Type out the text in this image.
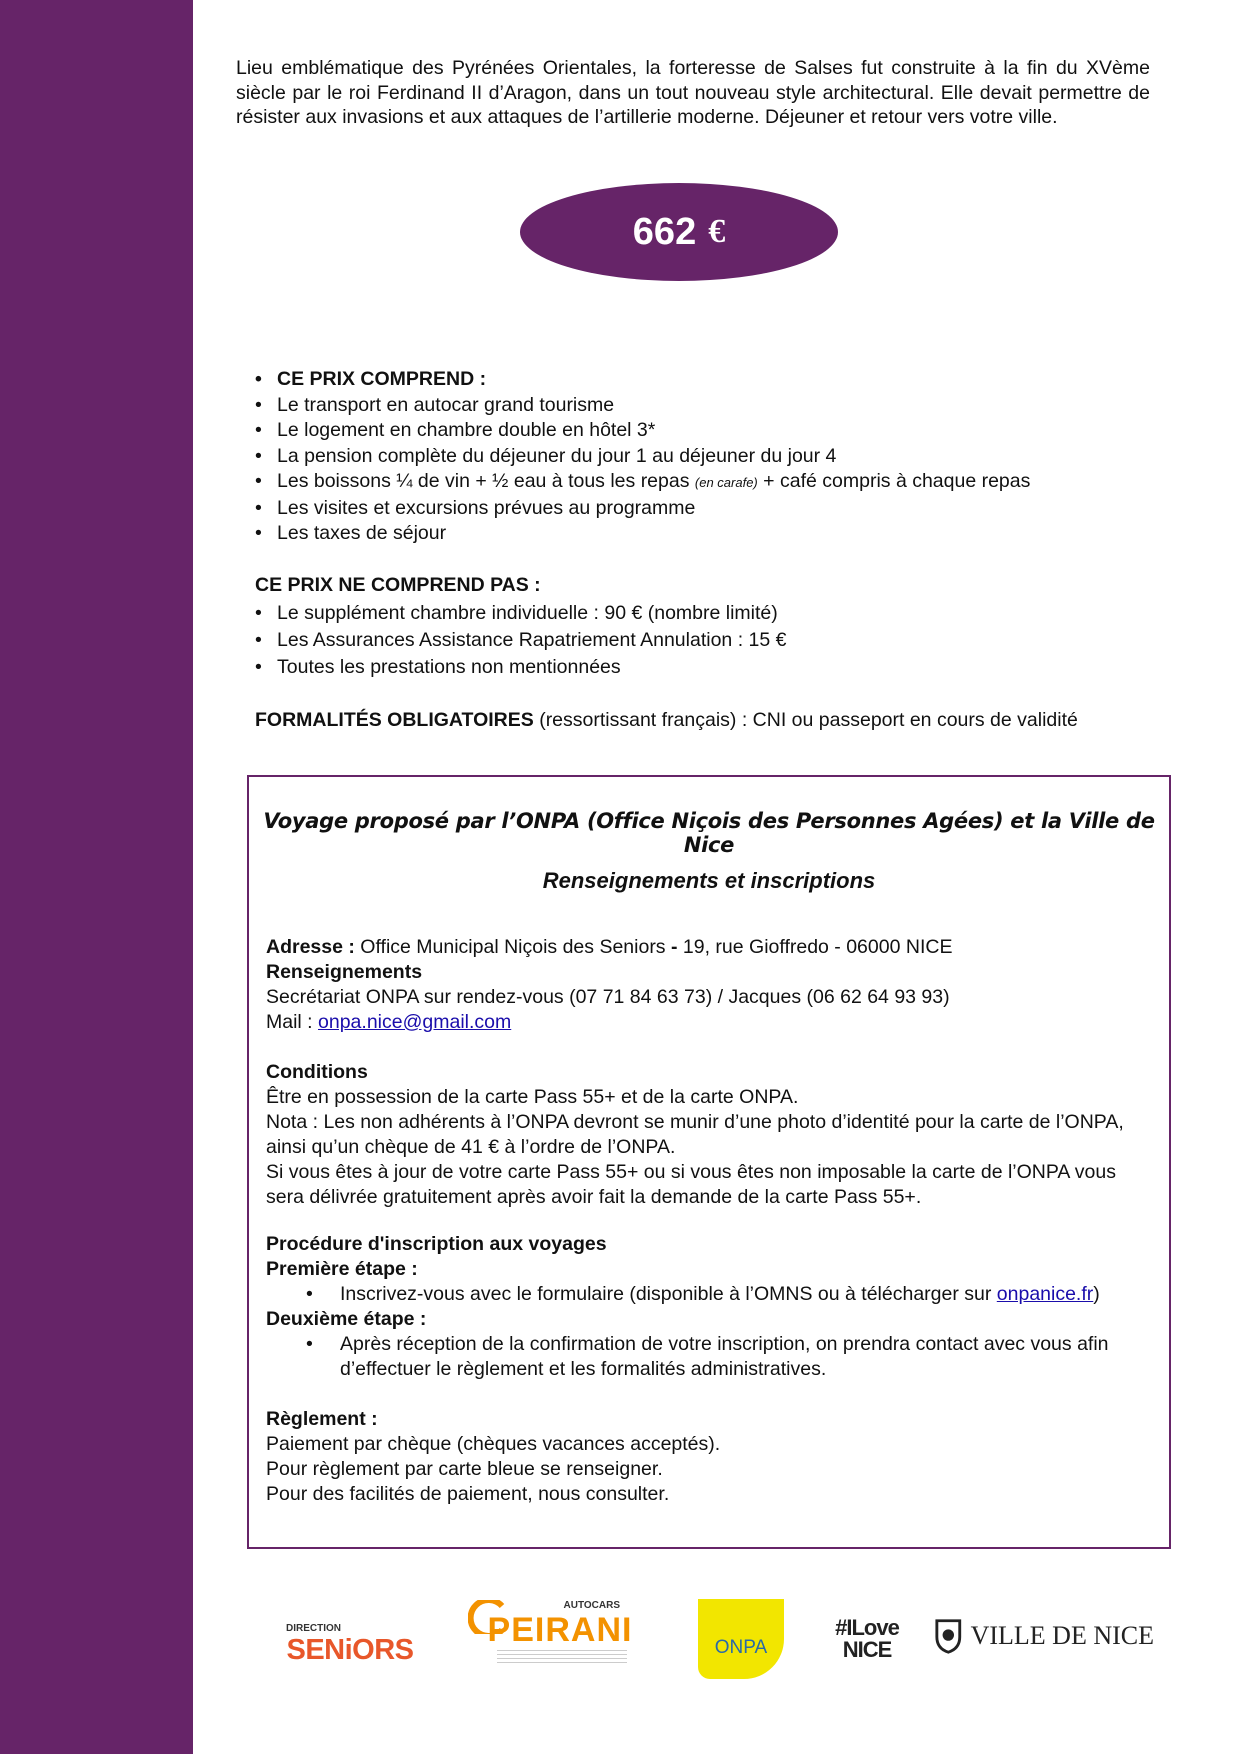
Lieu emblématique des Pyrénées Orientales, la forteresse de Salses fut construite à la fin du XVème siècle par le roi Ferdinand II d’Aragon, dans un tout nouveau style architectural. Elle devait permettre de résister aux invasions et aux attaques de l’artillerie moderne. Déjeuner et retour vers votre ville.

662 €
• CE PRIX COMPREND :
• Le transport en autocar grand tourisme
• Le logement en chambre double en hôtel 3*
• La pension complète du déjeuner du jour 1 au déjeuner du jour 4
• Les boissons ¼ de vin + ½ eau à tous les repas (en carafe) + café compris à chaque repas
• Les visites et excursions prévues au programme
• Les taxes de séjour
CE PRIX NE COMPREND PAS :
• Le supplément chambre individuelle : 90 € (nombre limité)
• Les Assurances Assistance Rapatriement Annulation : 15 €
• Toutes les prestations non mentionnées
FORMALITÉS OBLIGATOIRES (ressortissant français) : CNI ou passeport en cours de validité
Voyage proposé par l’ONPA (Office Niçois des Personnes Agées) et la Ville de Nice
Renseignements et inscriptions

Adresse : Office Municipal Niçois des Seniors - 19, rue Gioffredo - 06000 NICE

Renseignements

Secrétariat ONPA sur rendez-vous (07 71 84 63 73) / Jacques (06 62 64 93 93)

Mail : onpa.nice@gmail.com

Conditions

Être en possession de la carte Pass 55+ et de la carte ONPA.

Nota : Les non adhérents à l’ONPA devront se munir d’une photo d’identité pour la carte de l’ONPA, ainsi qu’un chèque de 41 € à l’ordre de l’ONPA.

Si vous êtes à jour de votre carte Pass 55+ ou si vous êtes non imposable la carte de l’ONPA vous sera délivrée gratuitement après avoir fait la demande de la carte Pass 55+.

Procédure d'inscription aux voyages

Première étape :

• Inscrivez-vous avec le formulaire (disponible à l’OMNS ou à télécharger sur onpanice.fr)

Deuxième étape :

• Après réception de la confirmation de votre inscription, on prendra contact avec vous afin d’effectuer le règlement et les formalités administratives.

Règlement :

Paiement par chèque (chèques vacances acceptés).

Pour règlement par carte bleue se renseigner.

Pour des facilités de paiement, nous consulter.

DIRECTION
SENiORS
AUTOCARS
PEIRANI	ONPA
#ILove
NICE	VILLE DE NICE
